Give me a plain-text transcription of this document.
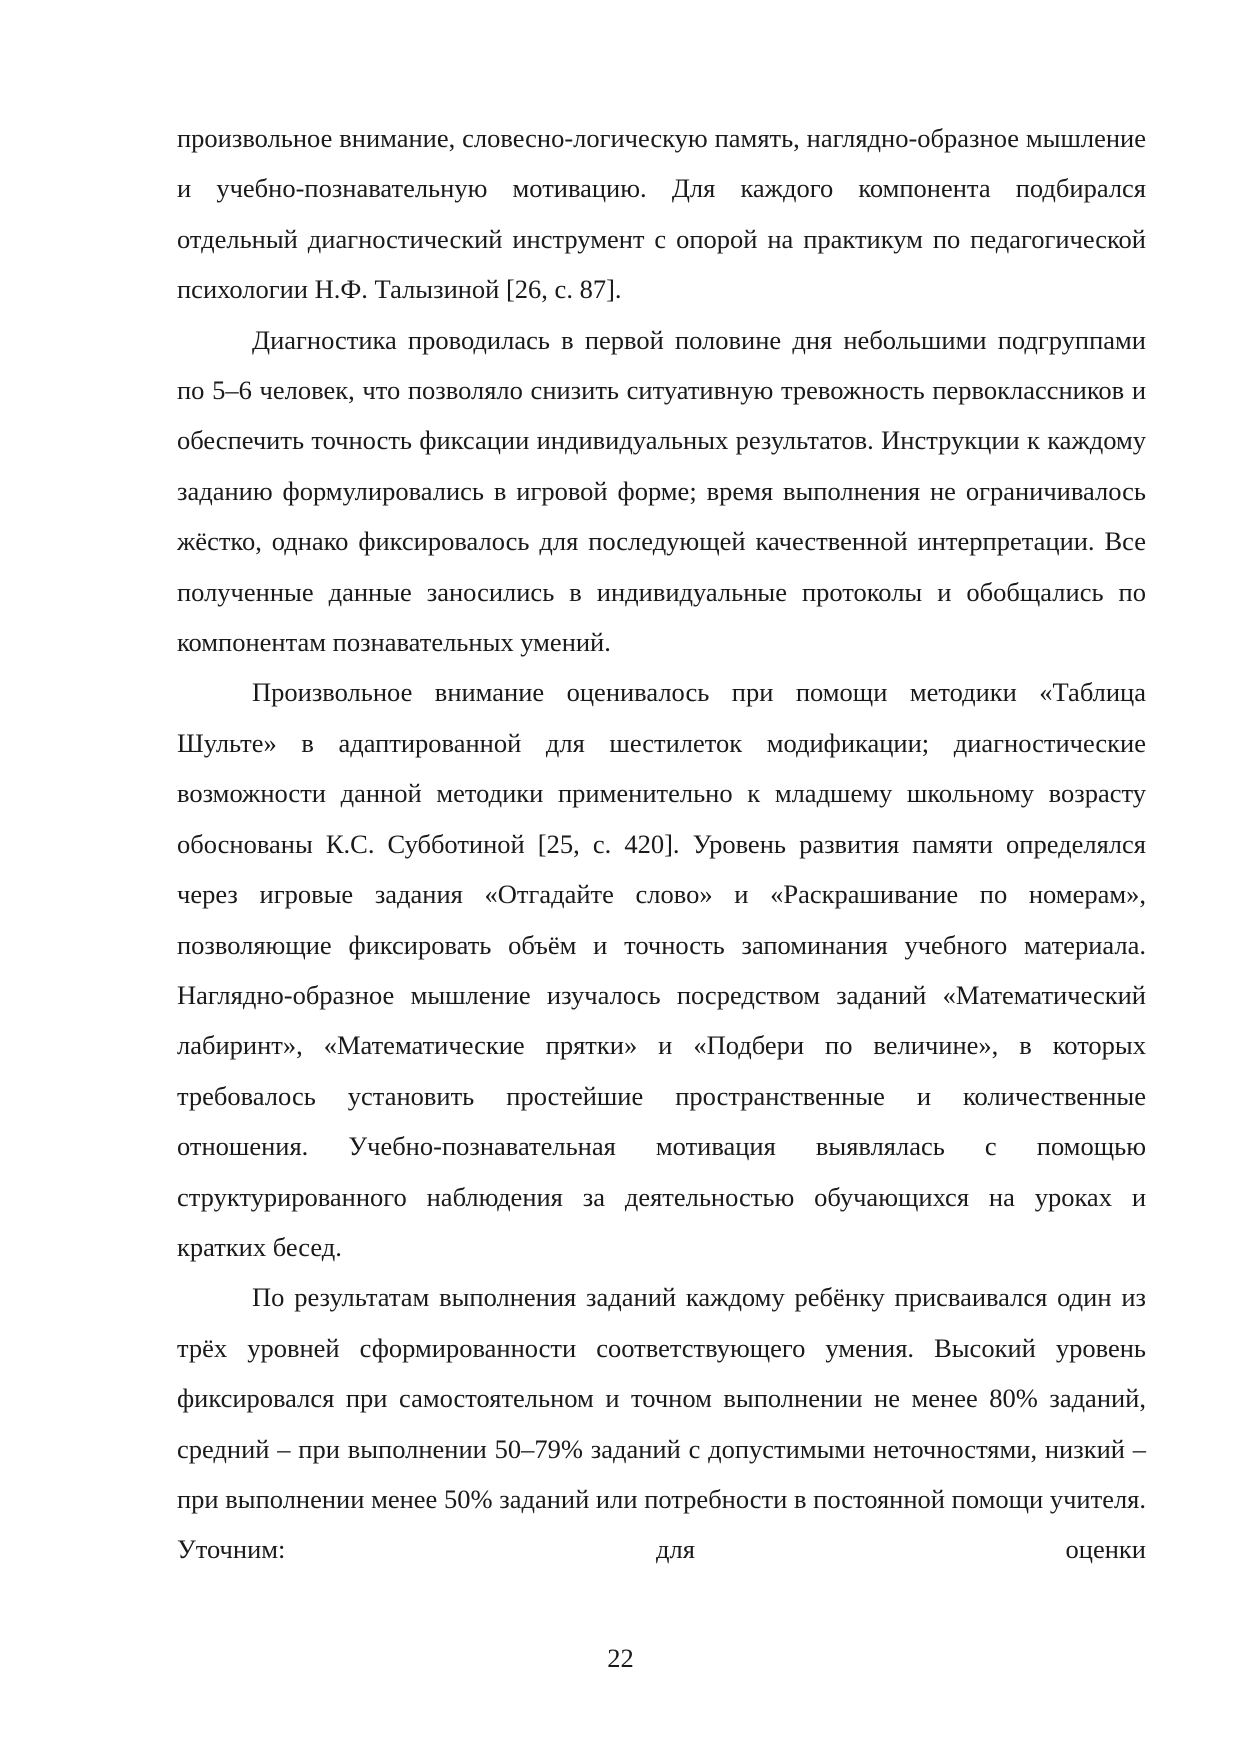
произвольное внимание, словесно-логическую память, наглядно-образное мышление и учебно-познавательную мотивацию. Для каждого компонента подбирался отдельный диагностический инструмент с опорой на практикум по педагогической психологии Н.Ф. Талызиной [26, с. 87].

Диагностика проводилась в первой половине дня небольшими подгруппами по 5–6 человек, что позволяло снизить ситуативную тревожность первоклассников и обеспечить точность фиксации индивидуальных результатов. Инструкции к каждому заданию формулировались в игровой форме; время выполнения не ограничивалось жёстко, однако фиксировалось для последующей качественной интерпретации. Все полученные данные заносились в индивидуальные протоколы и обобщались по компонентам познавательных умений.

Произвольное внимание оценивалось при помощи методики «Таблица Шульте» в адаптированной для шестилеток модификации; диагностические возможности данной методики применительно к младшему школьному возрасту обоснованы К.С. Субботиной [25, с. 420]. Уровень развития памяти определялся через игровые задания «Отгадайте слово» и «Раскрашивание по номерам», позволяющие фиксировать объём и точность запоминания учебного материала. Наглядно-образное мышление изучалось посредством заданий «Математический лабиринт», «Математические прятки» и «Подбери по величине», в которых требовалось установить простейшие пространственные и количественные отношения. Учебно-познавательная мотивация выявлялась с помощью структурированного наблюдения за деятельностью обучающихся на уроках и кратких бесед.

По результатам выполнения заданий каждому ребёнку присваивался один из трёх уровней сформированности соответствующего умения. Высокий уровень фиксировался при самостоятельном и точном выполнении не менее 80% заданий, средний – при выполнении 50–79% заданий с допустимыми неточностями, низкий – при выполнении менее 50% заданий или потребности в постоянной помощи учителя. Уточним: для оценки

22
